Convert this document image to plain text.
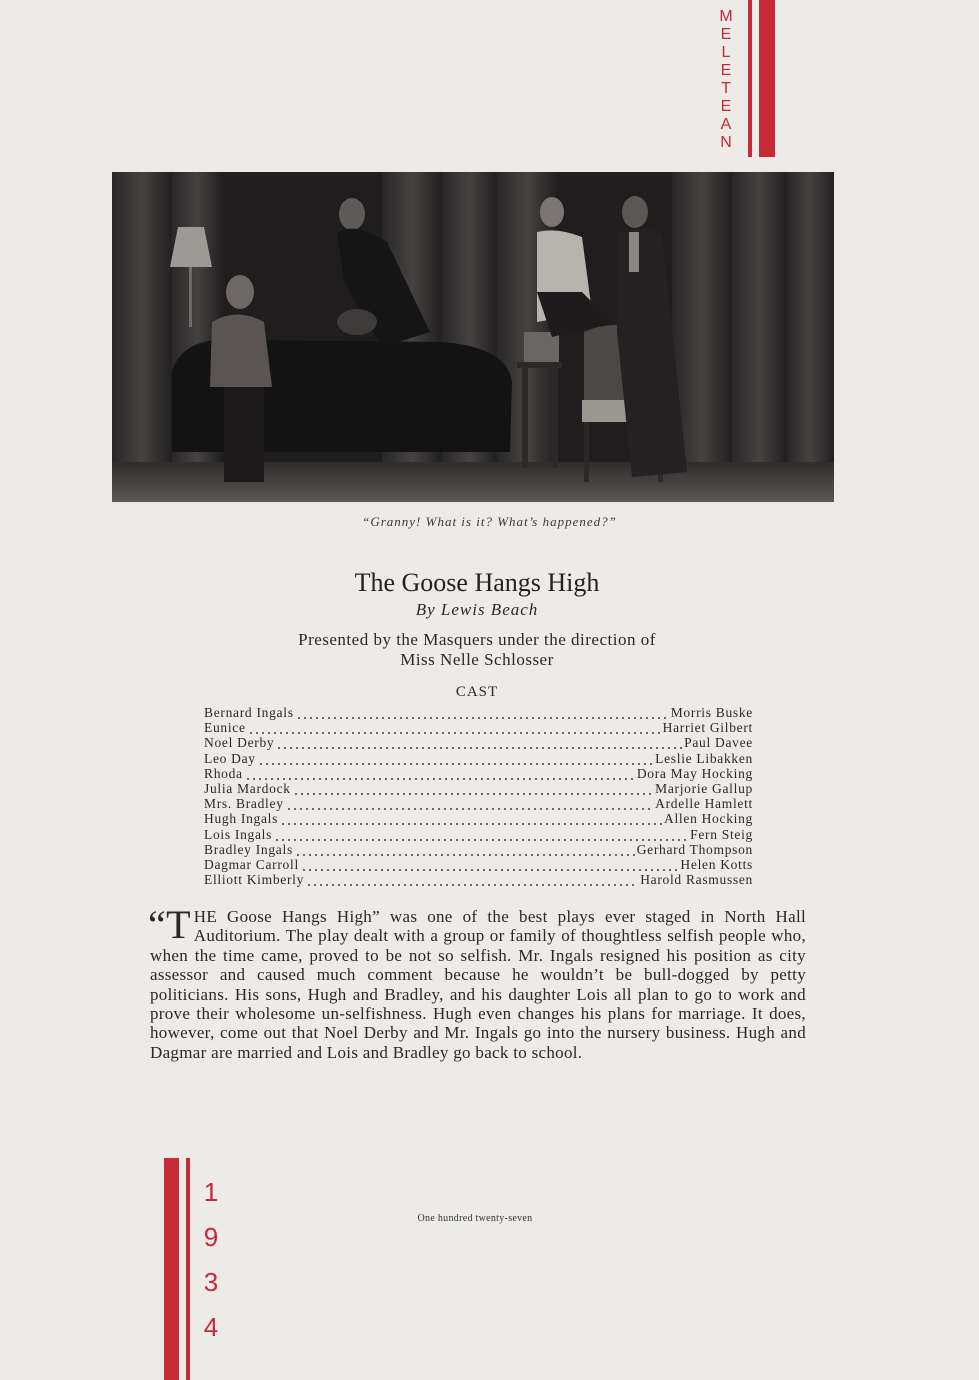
M
E
L
E
T
E
A
N
“Granny! What is it? What’s happened?”
The Goose Hangs High
By Lewis Beach
Presented by the Masquers under the direction of
Miss Nelle Schlosser
CAST
Bernard Ingals	Morris Buske
Eunice	Harriet Gilbert
Noel Derby	Paul Davee
Leo Day	Leslie Libakken
Rhoda	Dora May Hocking
Julia Mardock	Marjorie Gallup
Mrs. Bradley	Ardelle Hamlett
Hugh Ingals	Allen Hocking
Lois Ingals	Fern Steig
Bradley Ingals	Gerhard Thompson
Dagmar Carroll	Helen Kotts
Elliott Kimberly	Harold Rasmussen
“T HE Goose Hangs High” was one of the best plays ever staged in North Hall Auditorium. The play dealt with a group or family of thoughtless selfish people who, when the time came, proved to be not so selfish. Mr. Ingals resigned his position as city assessor and caused much comment because he wouldn’t be bull-dogged by petty politicians. His sons, Hugh and Bradley, and his daughter Lois all plan to go to work and prove their wholesome un-selfishness. Hugh even changes his plans for marriage. It does, however, come out that Noel Derby and Mr. Ingals go into the nursery business. Hugh and Dagmar are married and Lois and Bradley go back to school.
1
9
3
4
One hundred twenty-seven
